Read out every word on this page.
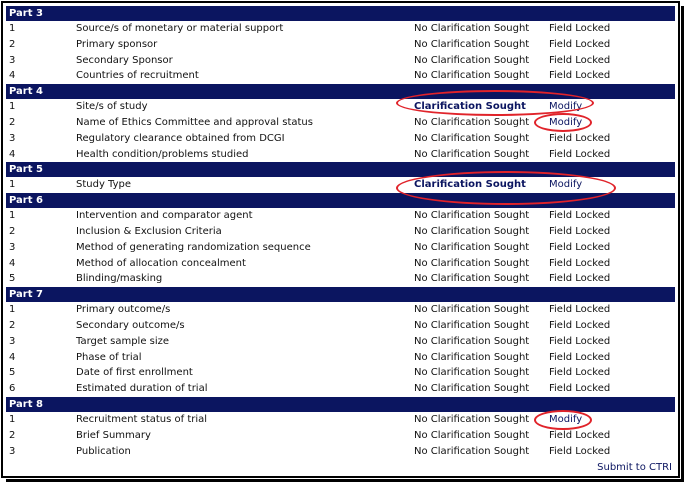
Part 3
1	Source/s of monetary or material support	No Clarification Sought Field Locked
2	Primary sponsor	No Clarification Sought Field Locked
3	Secondary Sponsor	No Clarification Sought Field Locked
4	Countries of recruitment	No Clarification Sought Field Locked
Part 4
1	Site/s of study	Clarification Sought Modify
2	Name of Ethics Committee and approval status	No Clarification Sought Modify
3	Regulatory clearance obtained from DCGI	No Clarification Sought Field Locked
4	Health condition/problems studied	No Clarification Sought Field Locked
Part 5
1	Study Type	Clarification Sought Modify
Part 6
1	Intervention and comparator agent	No Clarification Sought Field Locked
2	Inclusion & Exclusion Criteria	No Clarification Sought Field Locked
3	Method of generating randomization sequence	No Clarification Sought Field Locked
4	Method of allocation concealment	No Clarification Sought Field Locked
5	Blinding/masking	No Clarification Sought Field Locked
Part 7
1	Primary outcome/s	No Clarification Sought Field Locked
2	Secondary outcome/s	No Clarification Sought Field Locked
3	Target sample size	No Clarification Sought Field Locked
4	Phase of trial	No Clarification Sought Field Locked
5	Date of first enrollment	No Clarification Sought Field Locked
6	Estimated duration of trial	No Clarification Sought Field Locked
Part 8
1	Recruitment status of trial	No Clarification Sought Modify
2	Brief Summary	No Clarification Sought Field Locked
3	Publication	No Clarification Sought Field Locked
Submit to CTRI
